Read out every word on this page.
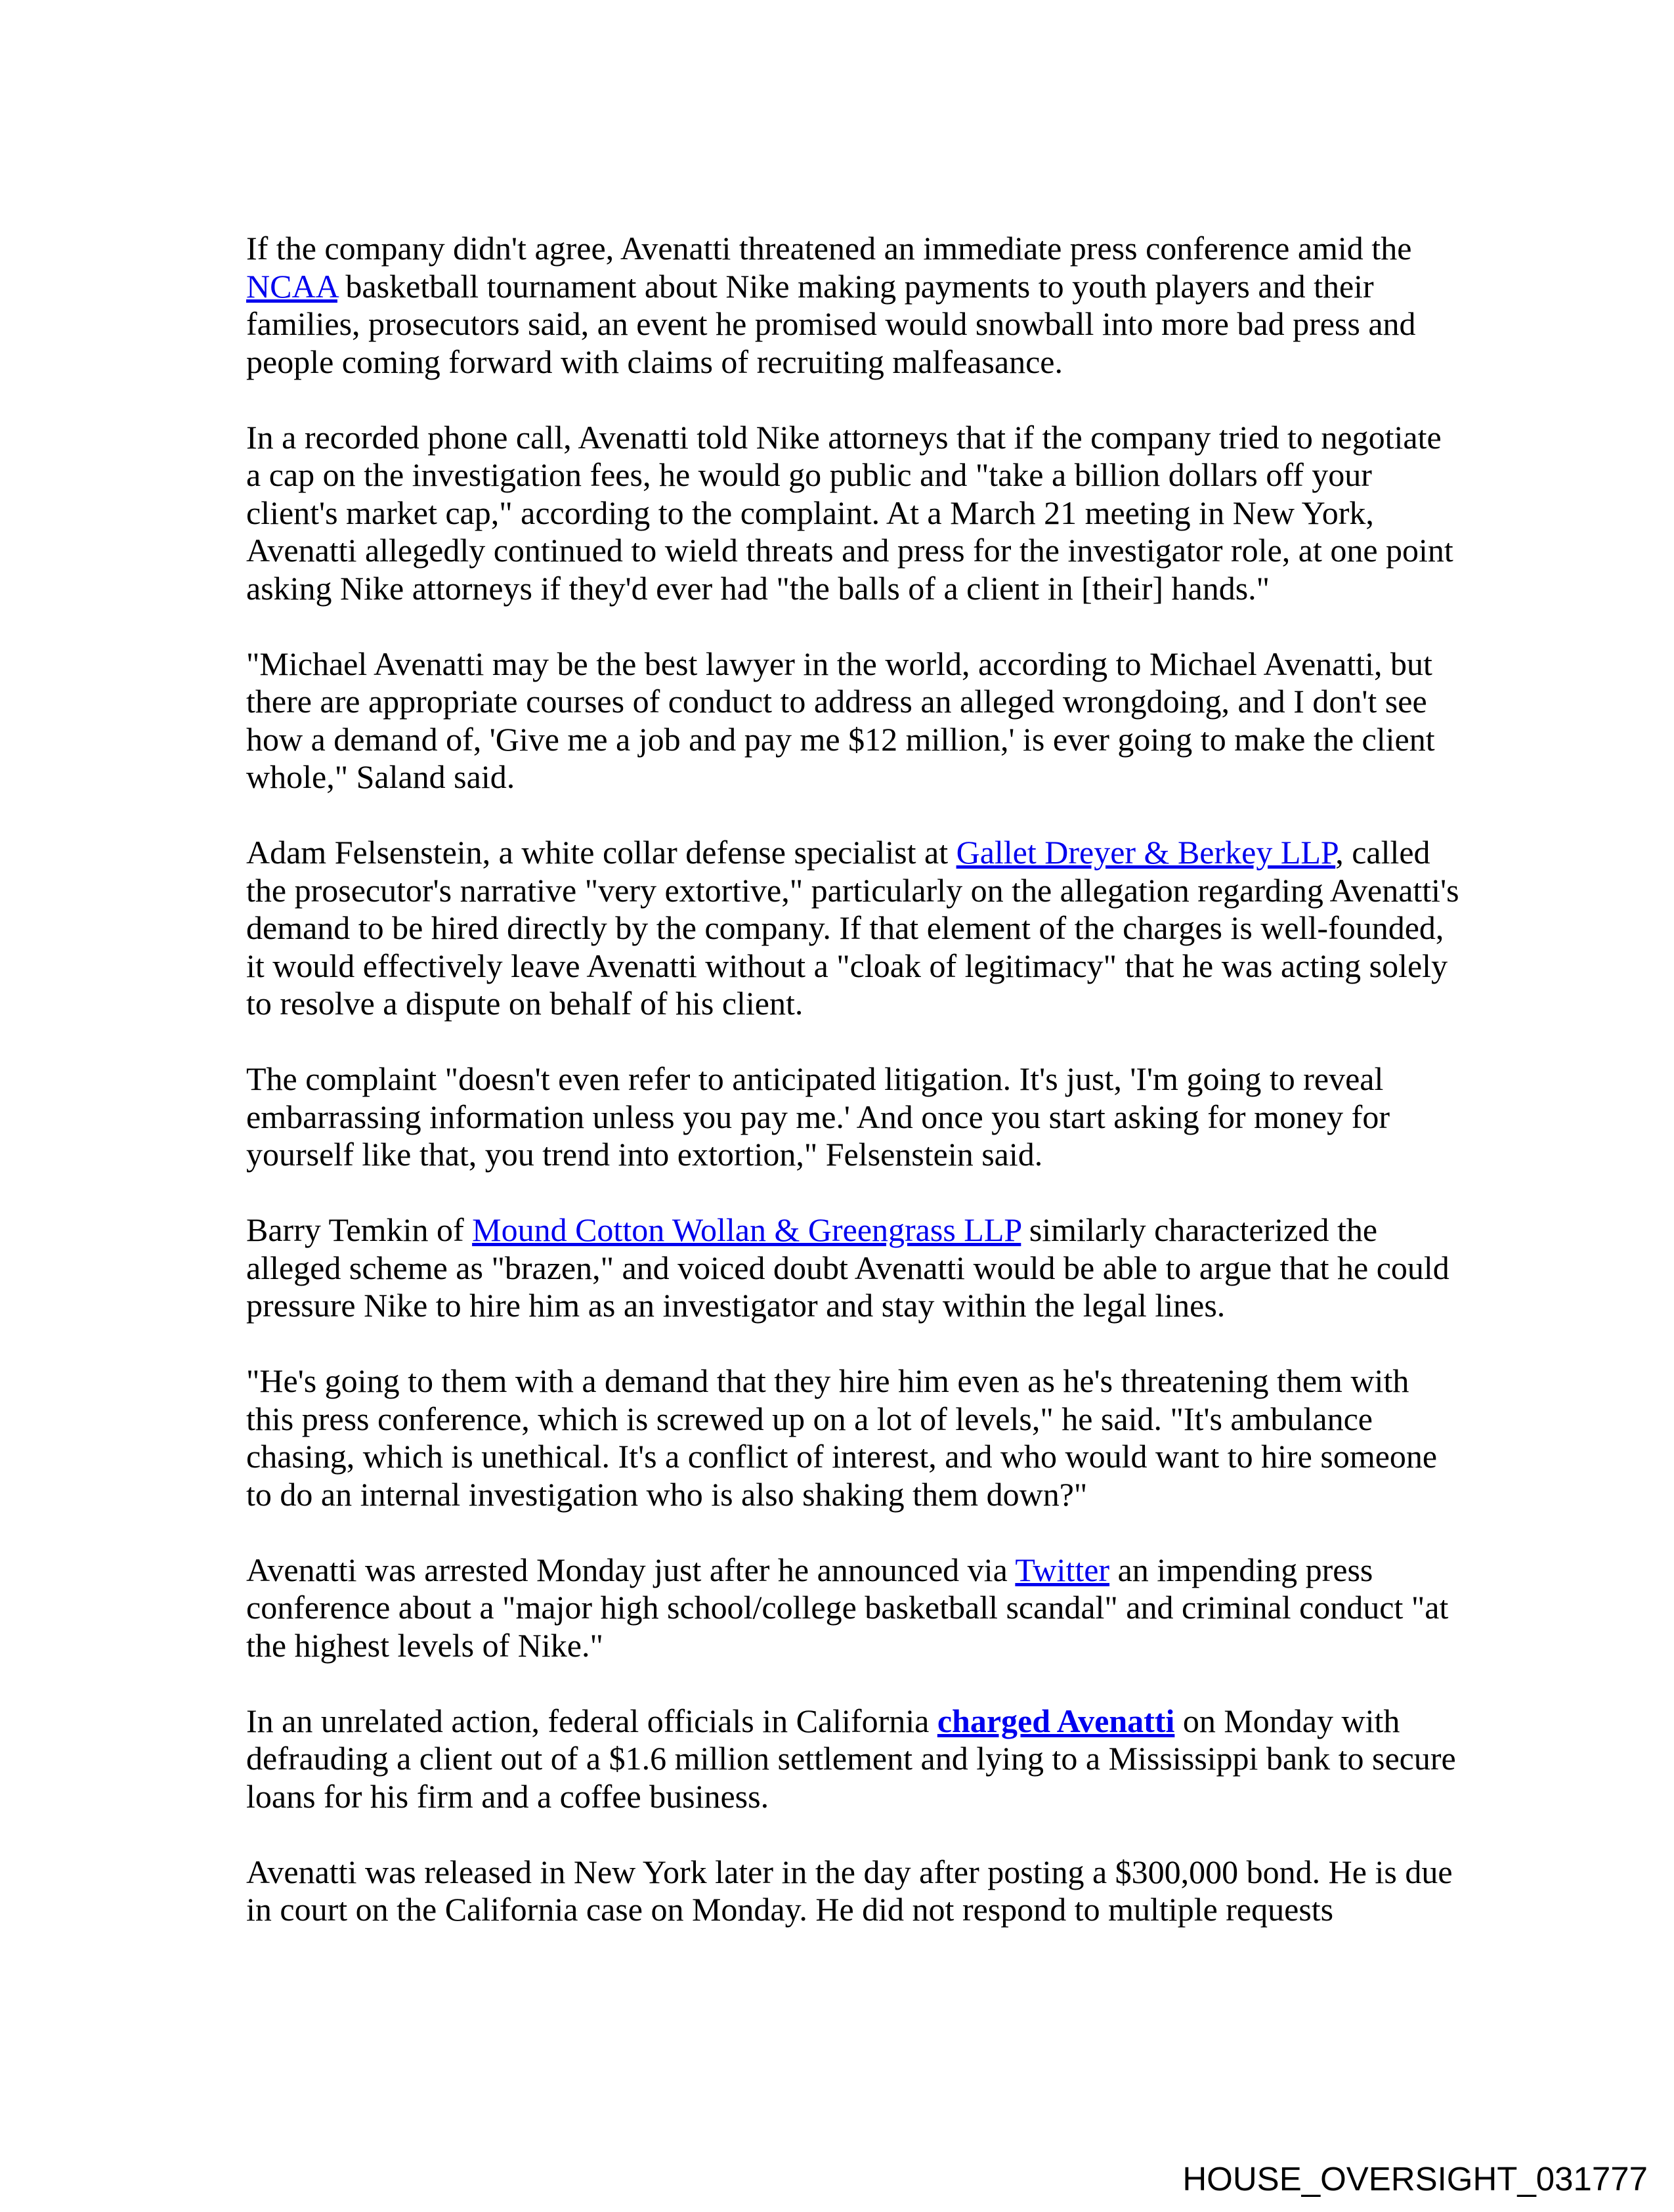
If the company didn't agree, Avenatti threatened an immediate press conference amid the NCAA basketball tournament about Nike making payments to youth players and their families, prosecutors said, an event he promised would snowball into more bad press and people coming forward with claims of recruiting malfeasance.

In a recorded phone call, Avenatti told Nike attorneys that if the company tried to negotiate a cap on the investigation fees, he would go public and "take a billion dollars off your client's market cap," according to the complaint. At a March 21 meeting in New York, Avenatti allegedly continued to wield threats and press for the investigator role, at one point asking Nike attorneys if they'd ever had "the balls of a client in [their] hands."

"Michael Avenatti may be the best lawyer in the world, according to Michael Avenatti, but there are appropriate courses of conduct to address an alleged wrongdoing, and I don't see how a demand of, 'Give me a job and pay me $12 million,' is ever going to make the client whole," Saland said.

Adam Felsenstein, a white collar defense specialist at Gallet Dreyer & Berkey LLP, called the prosecutor's narrative "very extortive," particularly on the allegation regarding Avenatti's demand to be hired directly by the company. If that element of the charges is well-founded, it would effectively leave Avenatti without a "cloak of legitimacy" that he was acting solely to resolve a dispute on behalf of his client.

The complaint "doesn't even refer to anticipated litigation. It's just, 'I'm going to reveal embarrassing information unless you pay me.' And once you start asking for money for yourself like that, you trend into extortion," Felsenstein said.

Barry Temkin of Mound Cotton Wollan & Greengrass LLP similarly characterized the alleged scheme as "brazen," and voiced doubt Avenatti would be able to argue that he could pressure Nike to hire him as an investigator and stay within the legal lines.

"He's going to them with a demand that they hire him even as he's threatening them with this press conference, which is screwed up on a lot of levels," he said. "It's ambulance chasing, which is unethical. It's a conflict of interest, and who would want to hire someone to do an internal investigation who is also shaking them down?"

Avenatti was arrested Monday just after he announced via Twitter an impending press conference about a "major high school/college basketball scandal" and criminal conduct "at the highest levels of Nike."

In an unrelated action, federal officials in California charged Avenatti on Monday with defrauding a client out of a $1.6 million settlement and lying to a Mississippi bank to secure loans for his firm and a coffee business.

Avenatti was released in New York later in the day after posting a $300,000 bond. He is due in court on the California case on Monday. He did not respond to multiple requests

HOUSE_OVERSIGHT_031777
